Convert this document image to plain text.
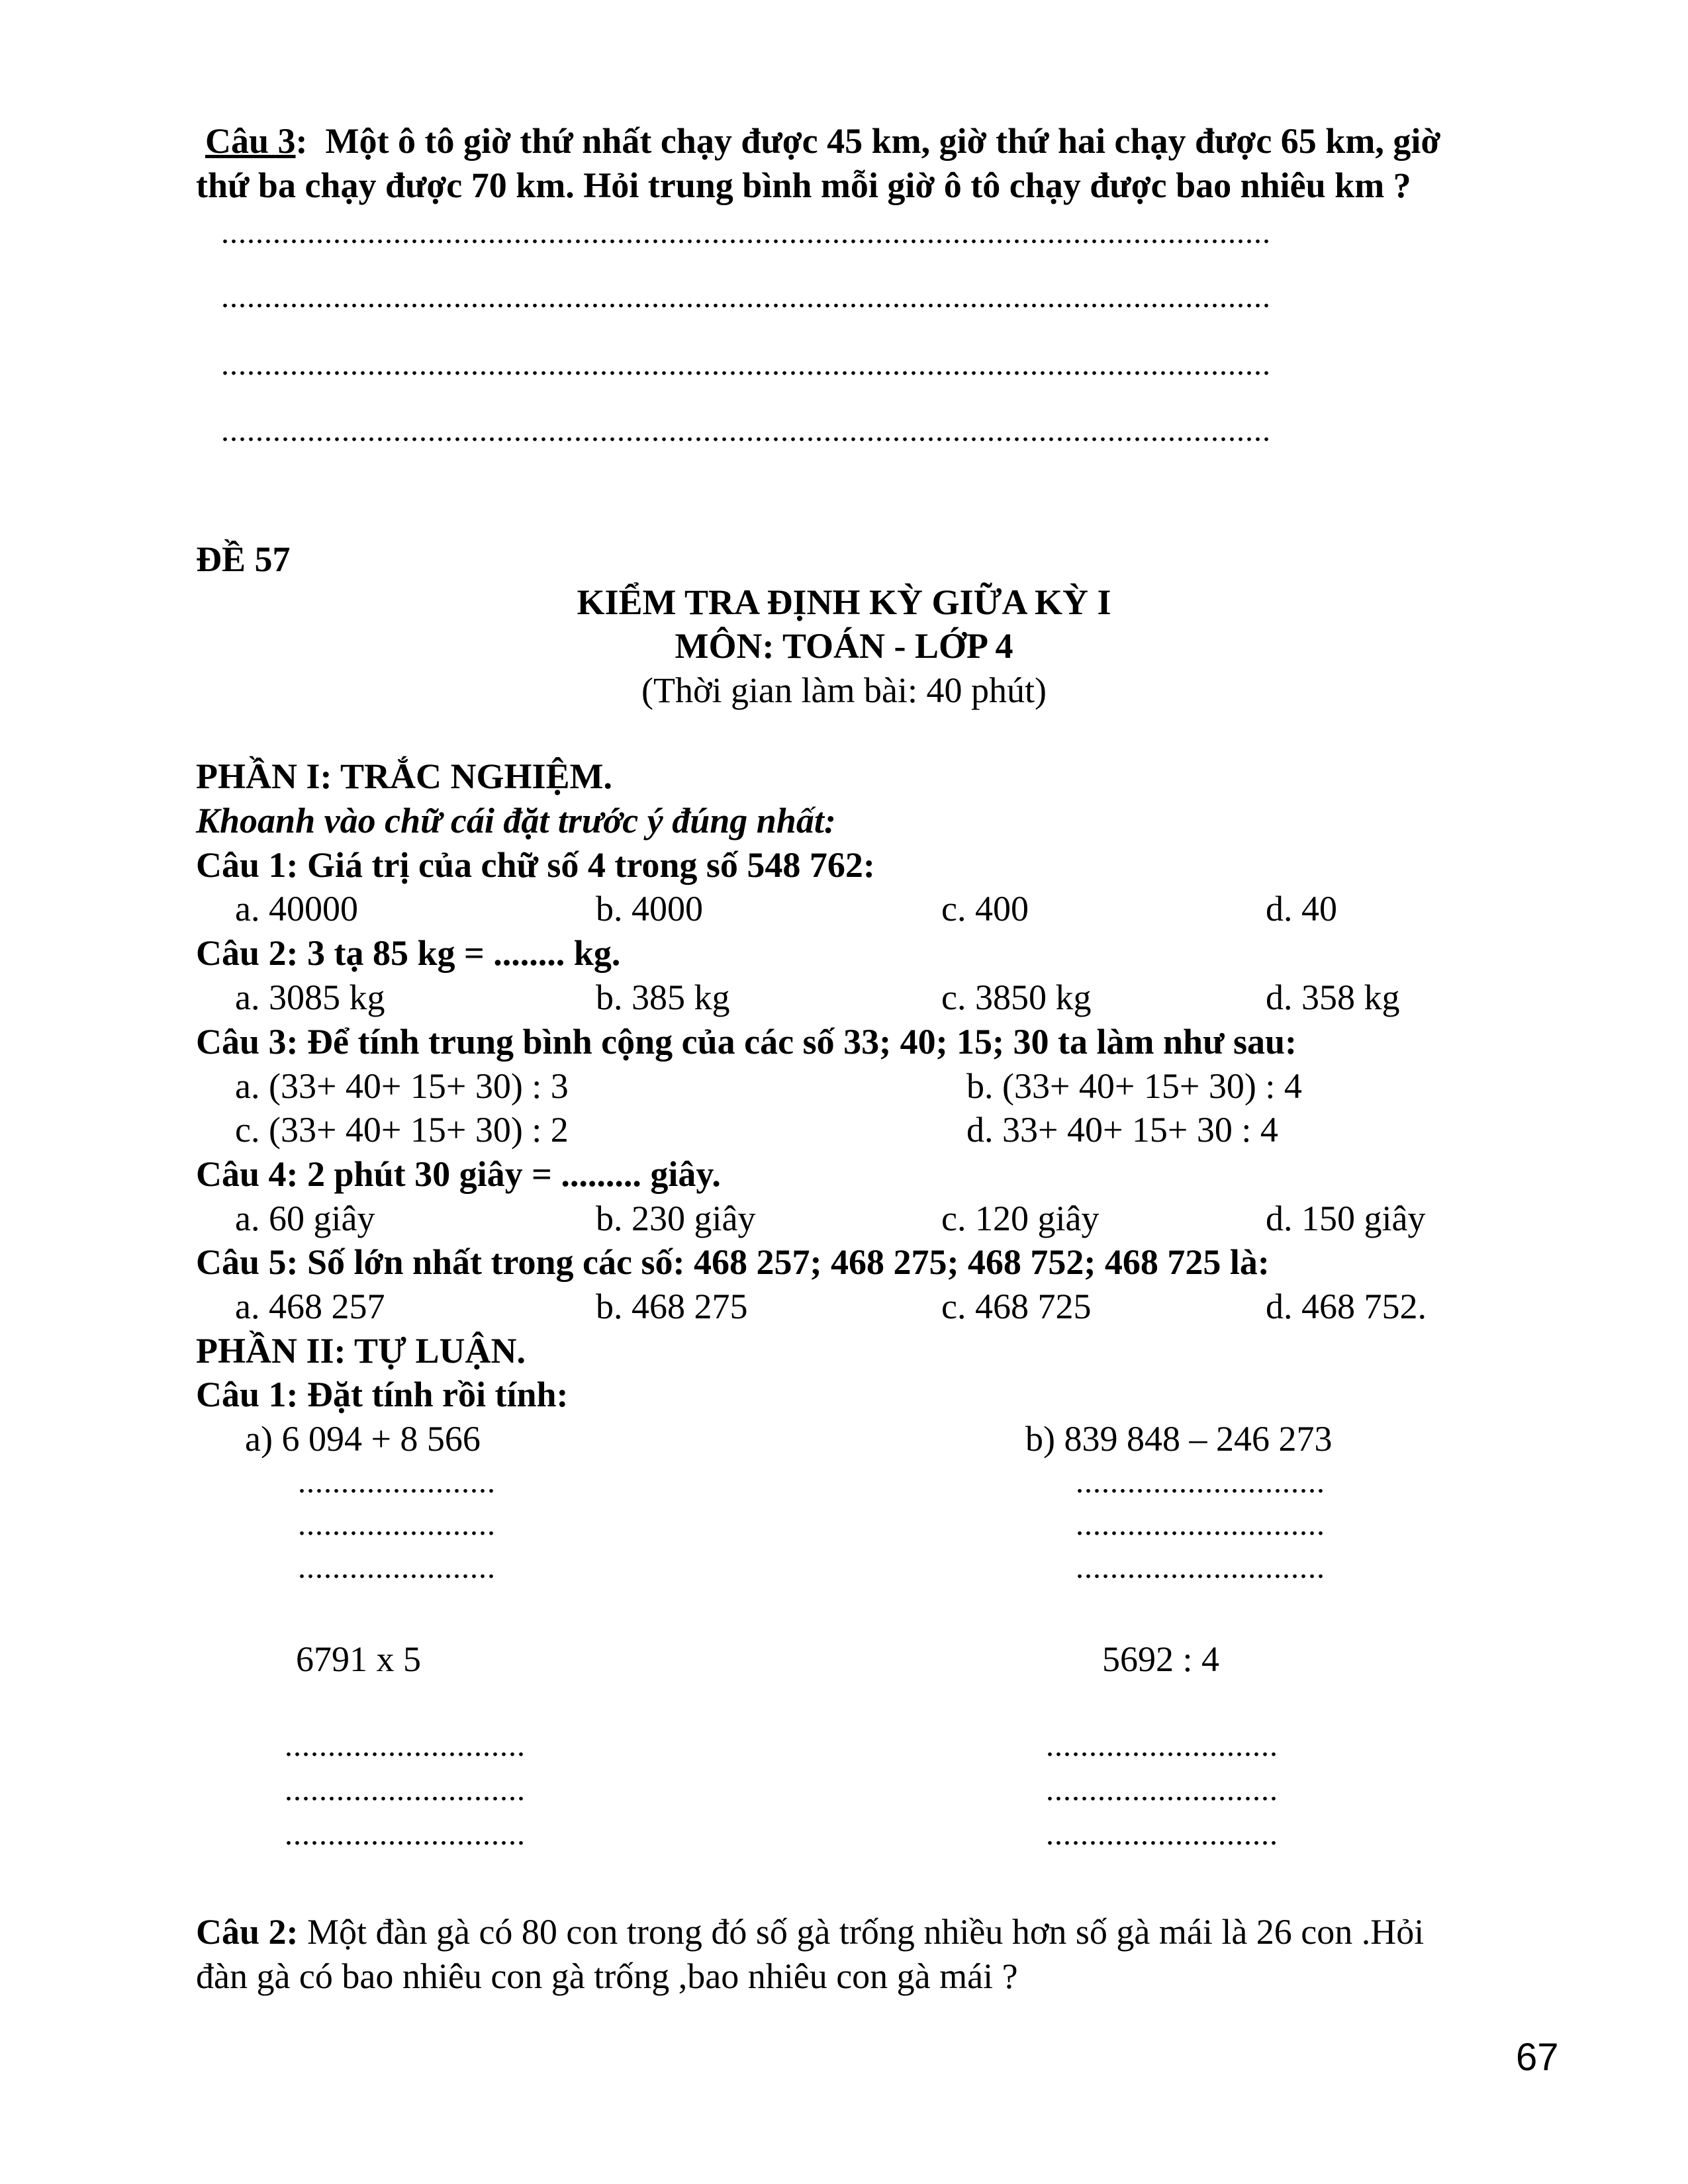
Câu 3: Một ô tô giờ thứ nhất chạy được 45 km, giờ thứ hai chạy được 65 km, giờ
thứ ba chạy được 70 km. Hỏi trung bình mỗi giờ ô tô chạy được bao nhiêu km ?
..........................................................................................................................
..........................................................................................................................
..........................................................................................................................
..........................................................................................................................
ĐỀ 57
KIỂM TRA ĐỊNH KỲ GIỮA KỲ I
MÔN: TOÁN - LỚP 4
(Thời gian làm bài: 40 phút)
PHẦN I: TRẮC NGHIỆM.
Khoanh vào chữ cái đặt trước ý đúng nhất:
Câu 1: Giá trị của chữ số 4 trong số 548 762:
a. 40000	b. 4000	c. 400	d. 40
Câu 2: 3 tạ 85 kg = ........ kg.
a. 3085 kg	b. 385 kg	c. 3850 kg	d. 358 kg
Câu 3: Để tính trung bình cộng của các số 33; 40; 15; 30 ta làm như sau:
a. (33+ 40+ 15+ 30) : 3	b. (33+ 40+ 15+ 30) : 4
c. (33+ 40+ 15+ 30) : 2	d. 33+ 40+ 15+ 30 : 4
Câu 4: 2 phút 30 giây = ......... giây.
a. 60 giây	b. 230 giây	c. 120 giây	d. 150 giây
Câu 5: Số lớn nhất trong các số: 468 257; 468 275; 468 752; 468 725 là:
a. 468 257	b. 468 275	c. 468 725	d. 468 752.
PHẦN II: TỰ LUẬN.
Câu 1: Đặt tính rồi tính:
a) 6 094 + 8 566	b) 839 848 – 246 273
.......................
.......................
.......................
.............................
.............................
.............................
6791 x 5	5692 : 4
............................
............................
............................
...........................
...........................
...........................
Câu 2: Một đàn gà có 80 con trong đó số gà trống nhiều hơn số gà mái là 26 con .Hỏi
đàn gà có bao nhiêu con gà trống ,bao nhiêu con gà mái ?
67
